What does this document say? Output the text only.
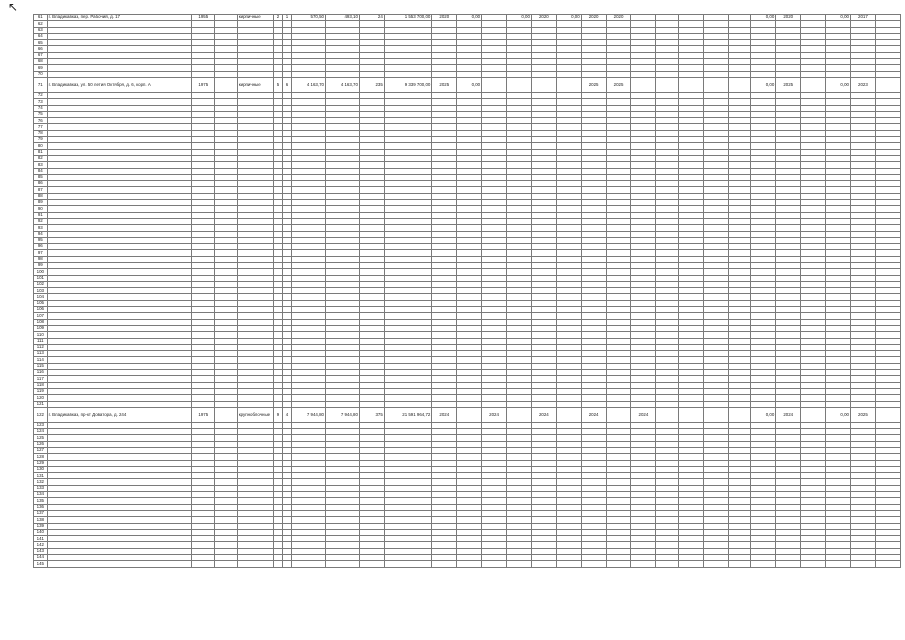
↖
61	г. Владикавказ, пер. Рабочий, д. 17	1955		кирпичные	2	1	570,50	493,10	24	1 553 700,00	2020	0,00		0,00	2020	0,00	2020	2020						0,00	2020		0,00	2017	
62																													
63																													
64																													
65																													
66																													
67																													
68																													
69																													
70																													
71	г. Владикавказ, ул. 50 летия Октября, д. 6, корп. А	1975		кирпичные	5	6	4 163,70	4 163,70	235	9 339 700,00	2025	0,00					2025	2025						0,00	2025		0,00	2023	
72																													
73																													
74																													
75																													
76																													
77																													
78																													
79																													
80																													
81																													
82																													
83																													
84																													
85																													
86																													
87																													
88																													
89																													
90																													
91																													
92																													
93																													
94																													
95																													
96																													
97																													
98																													
99																													
100																													
101																													
102																													
103																													
104																													
105																													
106																													
107																													
108																													
109																													
110																													
111																													
112																													
113																													
114																													
115																													
116																													
117																													
118																													
119																													
120																													
121																													
122	г. Владикавказ, пр-кт Доватора, д. 244	1975		крупноблочные	9	4	7 944,80	7 944,80	375	21 591 964,72	2024		2024		2024		2024		2024					0,00	2024		0,00	2025	
123																													
124																													
125																													
126																													
127																													
128																													
129																													
130																													
131																													
132																													
133																													
134																													
135																													
136																													
137																													
138																													
139																													
140																													
141																													
142																													
143																													
144																													
145																													
